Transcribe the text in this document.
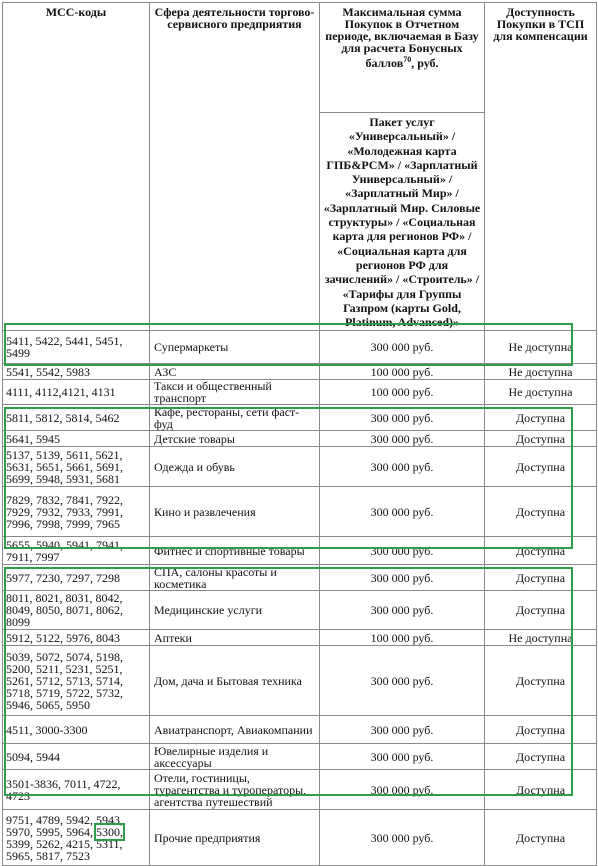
МСС-коды	Сфера деятельности торгово-сервисного предприятия	Максимальная сумма Покупок в Отчетном периоде, включаемая в Базу для расчета Бонусных баллов$^{70}$, руб.	Доступность Покупки в ТСП для компенсации
		Пакет услуг «Универсальный» / «Молодежная карта ГПБ&РСМ» / «Зарплатный Универсальный» / «Зарплатный Мир» / «Зарплатный Мир. Силовые структуры» / «Социальная карта для регионов РФ» / «Социальная карта для регионов РФ для зачислений» / «Строитель» / «Тарифы для Группы Газпром (карты Gold, Platinum, Advanced)»	
5411, 5422, 5441, 5451, 5499	Супермаркеты	300 000 руб.	Не доступна
5541, 5542, 5983	АЗС	100 000 руб.	Не доступна
4111, 4112,4121, 4131	Такси и общественный транспорт	100 000 руб.	Не доступна
5811, 5812, 5814, 5462	Кафе, рестораны, сети фаст-фуд	300 000 руб.	Доступна
5641, 5945	Детские товары	300 000 руб.	Доступна
5137, 5139, 5611, 5621, 5631, 5651, 5661, 5691, 5699, 5948, 5931, 5681	Одежда и обувь	300 000 руб.	Доступна
7829, 7832, 7841, 7922, 7929, 7932, 7933, 7991, 7996, 7998, 7999, 7965	Кино и развлечения	300 000 руб.	Доступна
5655, 5940, 5941, 7941, 7911, 7997	Фитнес и спортивные товары	300 000 руб.	Доступна
5977, 7230, 7297, 7298	СПА, салоны красоты и косметика	300 000 руб.	Доступна
8011, 8021, 8031, 8042, 8049, 8050, 8071, 8062, 8099	Медицинские услуги	300 000 руб.	Доступна
5912, 5122, 5976, 8043	Аптеки	100 000 руб.	Не доступна
5039, 5072, 5074, 5198, 5200, 5211, 5231, 5251, 5261, 5712, 5713, 5714, 5718, 5719, 5722, 5732, 5946, 5065, 5950	Дом, дача и Бытовая техника	300 000 руб.	Доступна
4511, 3000-3300	Авиатранспорт, Авиакомпании	300 000 руб.	Доступна
5094, 5944	Ювелирные изделия и аксессуары	300 000 руб.	Доступна
3501-3836, 7011, 4722, 4723	Отели, гостиницы, турагентства и туроператоры, агентства путешествий	300 000 руб.	Доступна
9751, 4789, 5942, 5943, 5970, 5995, 5964, 5300, 5399, 5262, 4215, 5311, 5965, 5817, 7523	Прочие предприятия	300 000 руб.	Доступна
